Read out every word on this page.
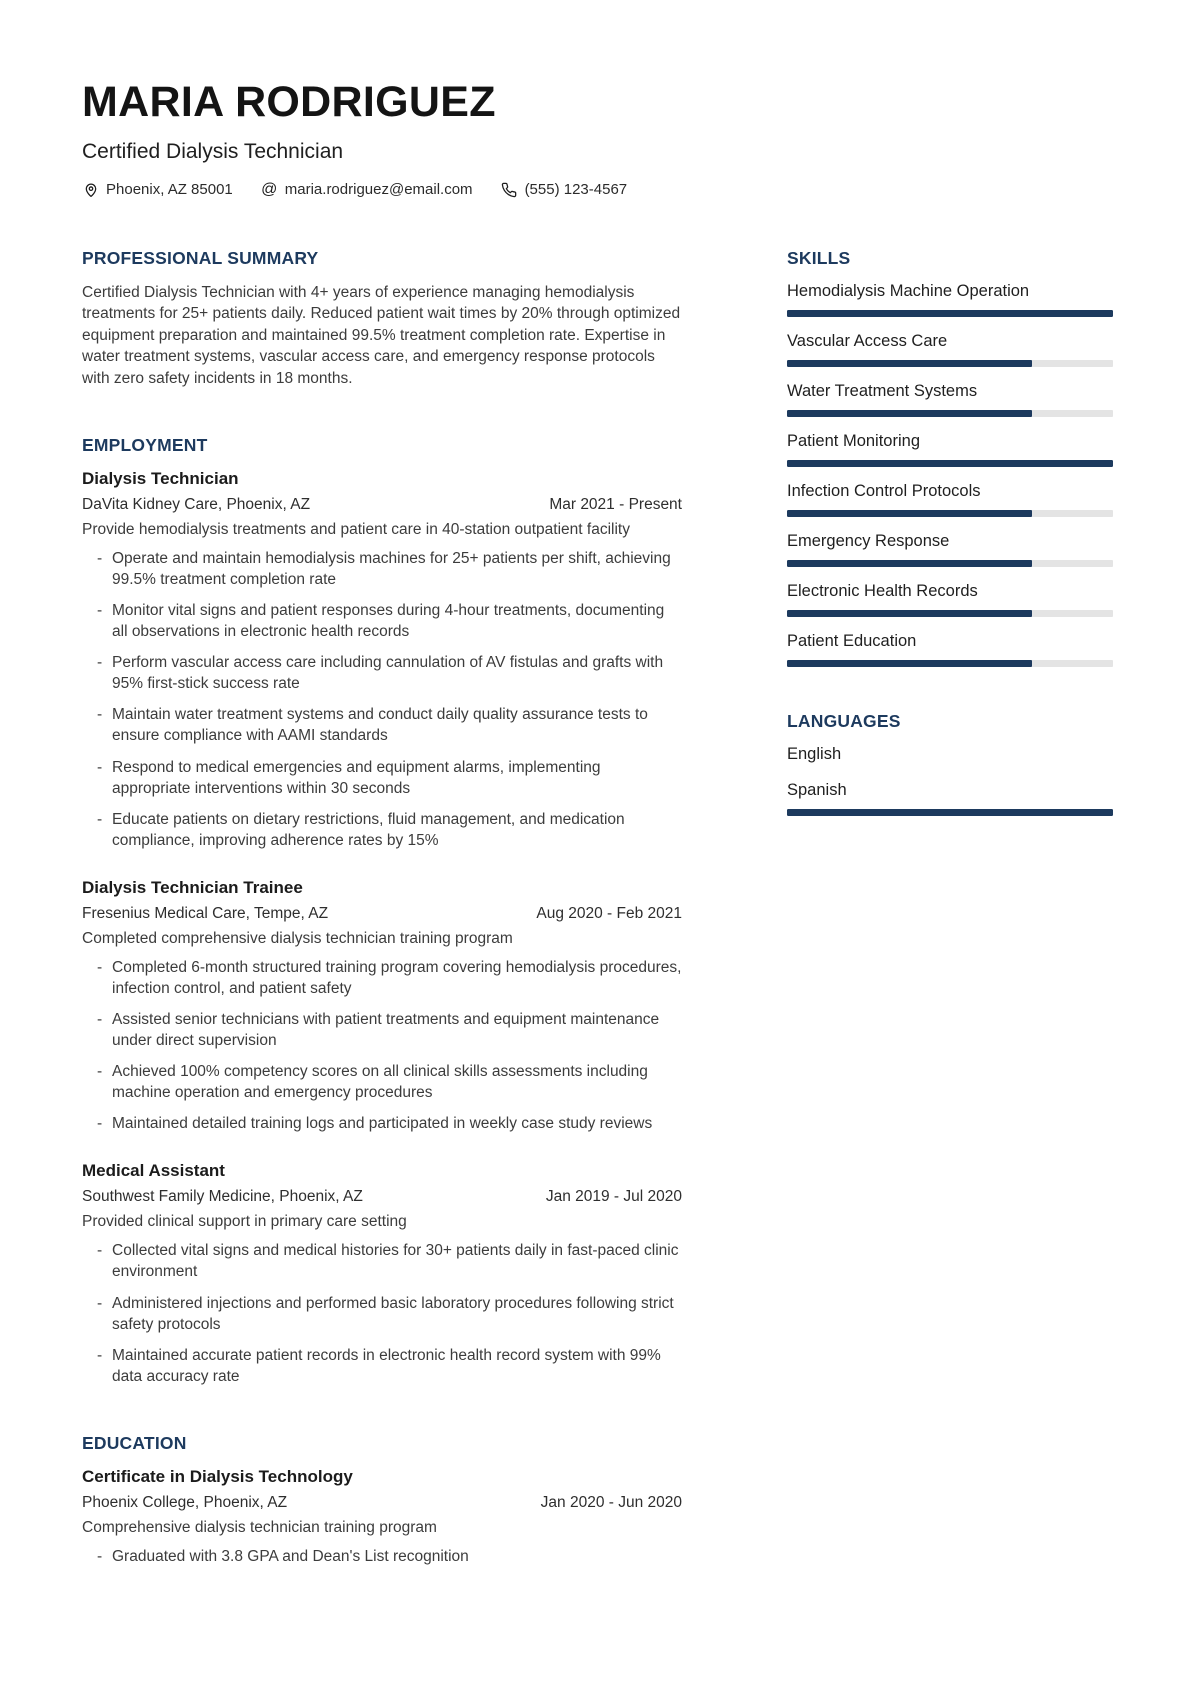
MARIA RODRIGUEZ
Certified Dialysis Technician
Phoenix, AZ 85001 @ maria.rodriguez@email.com	(555) 123-4567
PROFESSIONAL SUMMARY

Certified Dialysis Technician with 4+ years of experience managing hemodialysis treatments for 25+ patients daily. Reduced patient wait times by 20% through optimized equipment preparation and maintained 99.5% treatment completion rate. Expertise in water treatment systems, vascular access care, and emergency response protocols with zero safety incidents in 18 months.

EMPLOYMENT
Dialysis Technician
DaVita Kidney Care, Phoenix, AZ	Mar 2021 - Present
Provide hemodialysis treatments and patient care in 40-station outpatient facility
- Operate and maintain hemodialysis machines for 25+ patients per shift, achieving 99.5% treatment completion rate
- Monitor vital signs and patient responses during 4-hour treatments, documenting all observations in electronic health records
- Perform vascular access care including cannulation of AV fistulas and grafts with 95% first-stick success rate
- Maintain water treatment systems and conduct daily quality assurance tests to ensure compliance with AAMI standards
- Respond to medical emergencies and equipment alarms, implementing appropriate interventions within 30 seconds
- Educate patients on dietary restrictions, fluid management, and medication compliance, improving adherence rates by 15%
Dialysis Technician Trainee
Fresenius Medical Care, Tempe, AZ	Aug 2020 - Feb 2021
Completed comprehensive dialysis technician training program
- Completed 6-month structured training program covering hemodialysis procedures, infection control, and patient safety
- Assisted senior technicians with patient treatments and equipment maintenance under direct supervision
- Achieved 100% competency scores on all clinical skills assessments including machine operation and emergency procedures
- Maintained detailed training logs and participated in weekly case study reviews
Medical Assistant
Southwest Family Medicine, Phoenix, AZ	Jan 2019 - Jul 2020
Provided clinical support in primary care setting
- Collected vital signs and medical histories for 30+ patients daily in fast-paced clinic environment
- Administered injections and performed basic laboratory procedures following strict safety protocols
- Maintained accurate patient records in electronic health record system with 99% data accuracy rate
EDUCATION
Certificate in Dialysis Technology
Phoenix College, Phoenix, AZ	Jan 2020 - Jun 2020
Comprehensive dialysis technician training program
- Graduated with 3.8 GPA and Dean's List recognition
SKILLS
Hemodialysis Machine Operation
Vascular Access Care
Water Treatment Systems
Patient Monitoring
Infection Control Protocols
Emergency Response
Electronic Health Records
Patient Education
LANGUAGES
English
Spanish
